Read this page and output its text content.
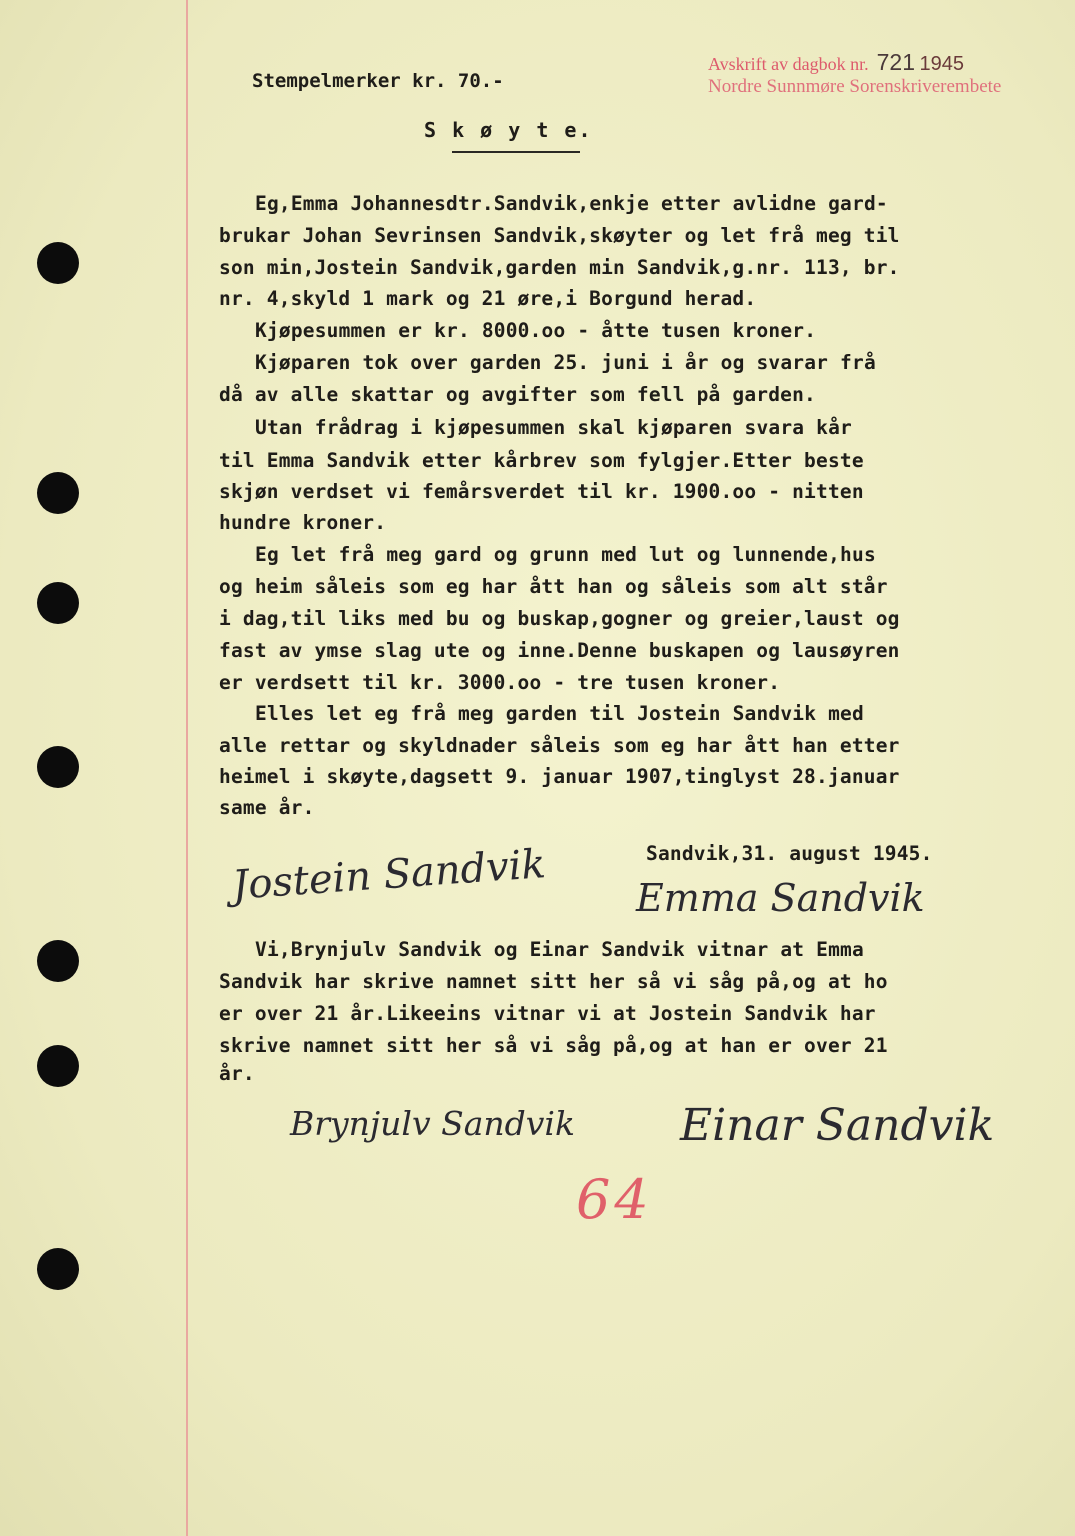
Avskrift av dagbok nr. 721 1945
Nordre Sunnmøre Sorenskriverembete
Stempelmerker kr. 70.-
S k ø y t e.
Eg,Emma Johannesdtr.Sandvik,enkje etter avlidne gard-
brukar Johan Sevrinsen Sandvik,skøyter og let frå meg til
son min,Jostein Sandvik,garden min Sandvik,g.nr. 113, br.
nr. 4,skyld 1 mark og 21 øre,i Borgund herad.
Kjøpesummen er kr. 8000.oo - åtte tusen kroner.
Kjøparen tok over garden 25. juni i år og svarar frå
då av alle skattar og avgifter som fell på garden.
Utan frådrag i kjøpesummen skal kjøparen svara kår
til Emma Sandvik etter kårbrev som fylgjer.Etter beste
skjøn verdset vi femårsverdet til kr. 1900.oo - nitten
hundre kroner.
Eg let frå meg gard og grunn med lut og lunnende,hus
og heim såleis som eg har ått han og såleis som alt står
i dag,til liks med bu og buskap,gogner og greier,laust og
fast av ymse slag ute og inne.Denne buskapen og lausøyren
er verdsett til kr. 3000.oo - tre tusen kroner.
Elles let eg frå meg garden til Jostein Sandvik med
alle rettar og skyldnader såleis som eg har ått han etter
heimel i skøyte,dagsett 9. januar 1907,tinglyst 28.januar
same år.
Sandvik,31. august 1945.
Jostein Sandvik Emma Sandvik
Vi,Brynjulv Sandvik og Einar Sandvik vitnar at Emma
Sandvik har skrive namnet sitt her så vi såg på,og at ho
er over 21 år.Likeeins vitnar vi at Jostein Sandvik har
skrive namnet sitt her så vi såg på,og at han er over 21
år.
Brynjulv Sandvik Einar Sandvik
64
